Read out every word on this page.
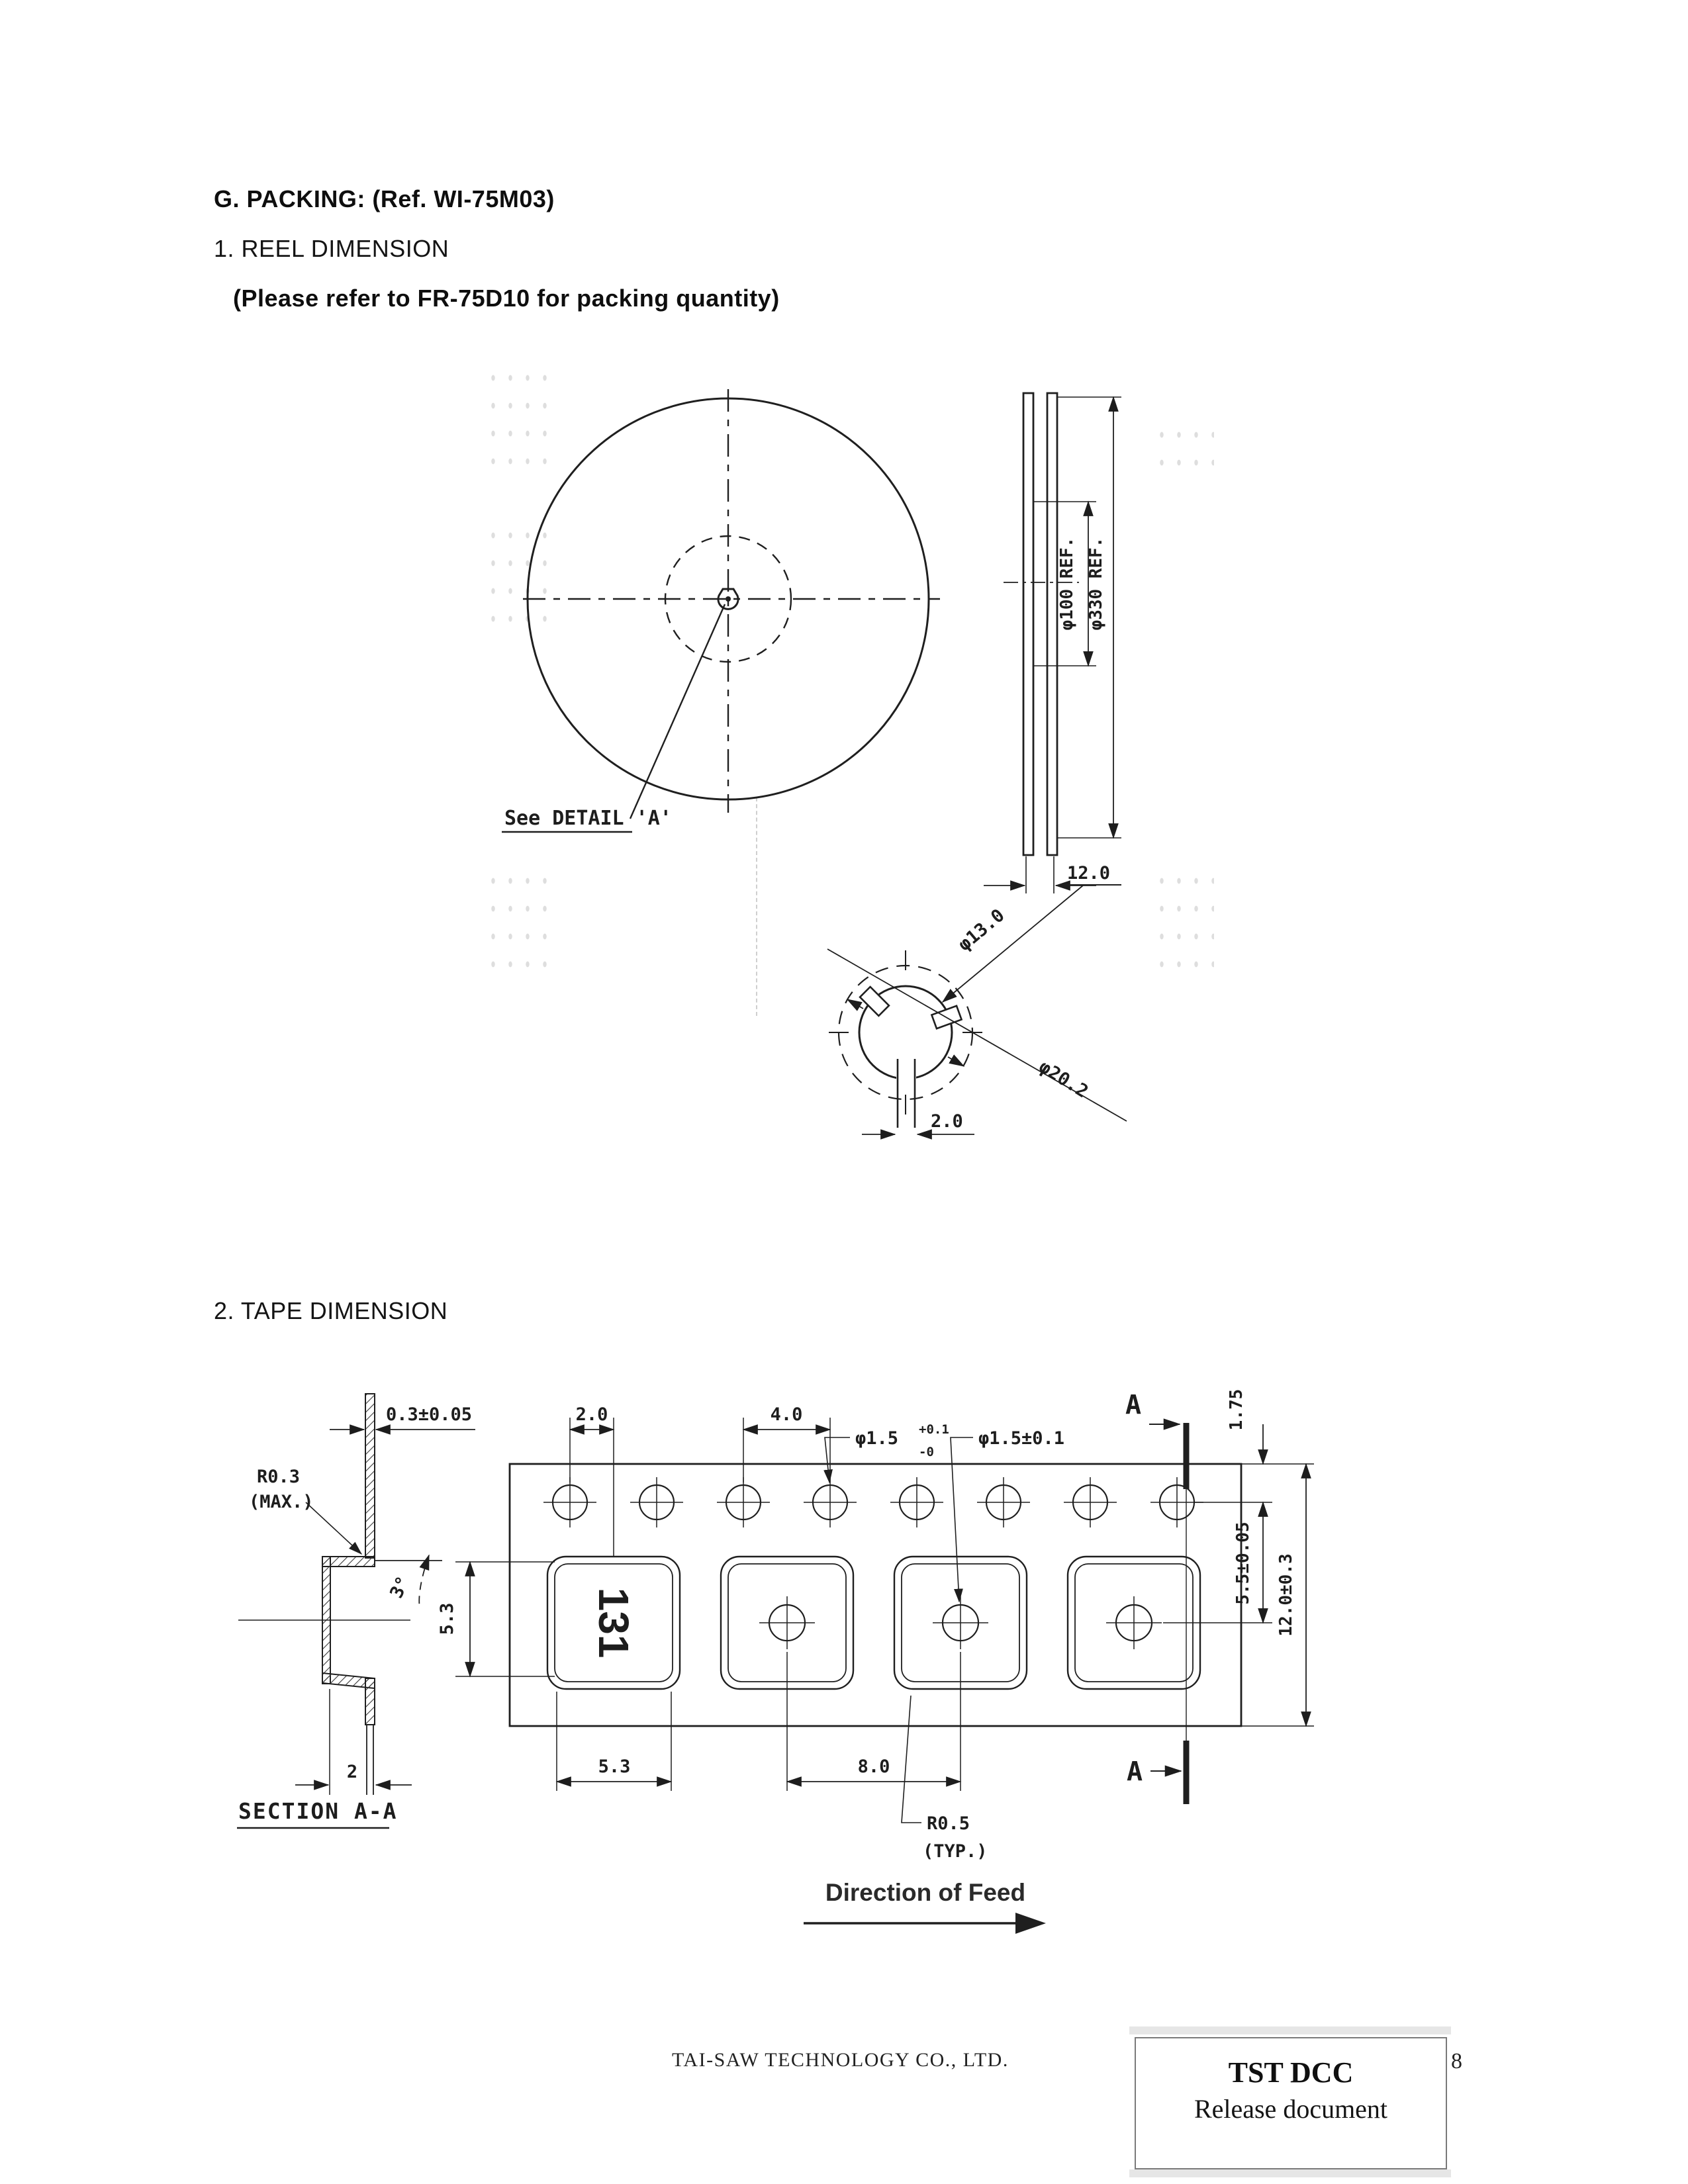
G. PACKING: (Ref. WI-75M03)
1. REEL DIMENSION
(Please refer to FR-75D10 for packing quantity)
2. TAPE DIMENSION
See DETAIL 'A'
φ100 REF. φ330 REF.
12.0
φ13.0
φ20.2
2.0
0.3±0.05
R0.3
(MAX.)
3°
5.3
2
SECTION A-A
2.0	4.0
φ1.5 +0.1
-0
φ1.5±0.1
A
A
1.75
5.5±0.05 12.0±0.3
131
5.3	8.0
R0.5
(TYP.)
Direction of Feed
TAI-SAW TECHNOLOGY CO., LTD.	TST DCC
Release document
8
